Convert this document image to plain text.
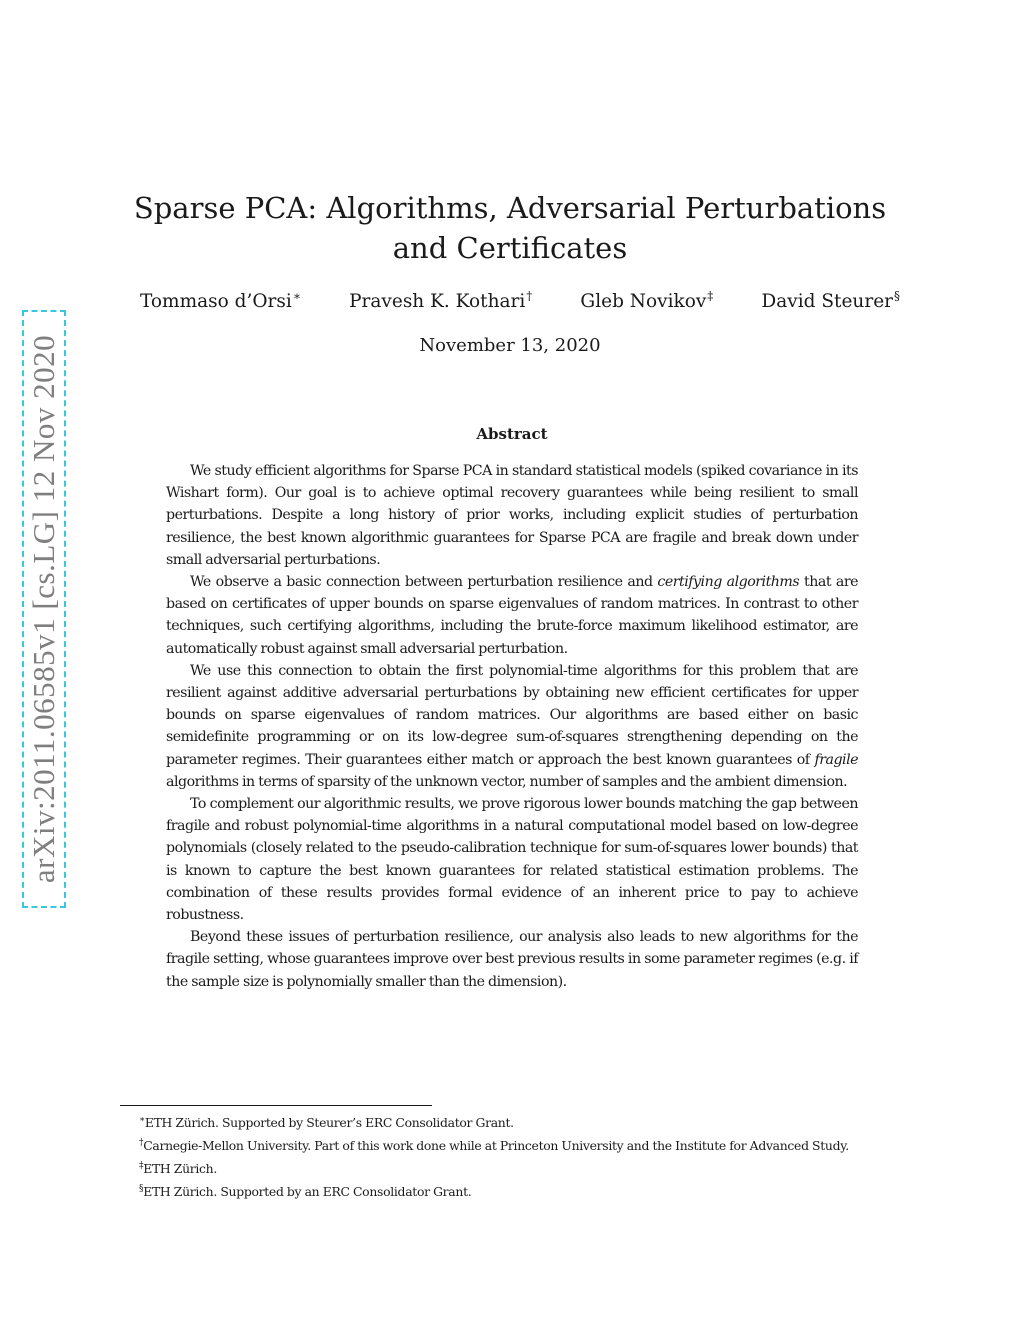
arXiv:2011.06585v1 [cs.LG] 12 Nov 2020
Sparse PCA: Algorithms, Adversarial Perturbations and Certificates
Tommaso d’Orsi∗	Pravesh K. Kothari†	Gleb Novikov‡	David Steurer§
November 13, 2020
Abstract

We study efficient algorithms for Sparse PCA in standard statistical models (spiked covariance in its Wishart form). Our goal is to achieve optimal recovery guarantees while being resilient to small perturbations. Despite a long history of prior works, including explicit studies of perturbation resilience, the best known algorithmic guarantees for Sparse PCA are fragile and break down under small adversarial perturbations.

We observe a basic connection between perturbation resilience and certifying algorithms that are based on certificates of upper bounds on sparse eigenvalues of random matrices. In contrast to other techniques, such certifying algorithms, including the brute-force maximum likelihood estimator, are automatically robust against small adversarial perturbation.

We use this connection to obtain the first polynomial-time algorithms for this problem that are resilient against additive adversarial perturbations by obtaining new efficient certificates for upper bounds on sparse eigenvalues of random matrices. Our algorithms are based either on basic semidefinite programming or on its low-degree sum-of-squares strengthening depending on the parameter regimes. Their guarantees either match or approach the best known guarantees of fragile algorithms in terms of sparsity of the unknown vector, number of samples and the ambient dimension.

To complement our algorithmic results, we prove rigorous lower bounds matching the gap between fragile and robust polynomial-time algorithms in a natural computational model based on low-degree polynomials (closely related to the pseudo-calibration technique for sum-of-squares lower bounds) that is known to capture the best known guarantees for related statistical estimation problems. The combination of these results provides formal evidence of an inherent price to pay to achieve robustness.

Beyond these issues of perturbation resilience, our analysis also leads to new algorithms for the fragile setting, whose guarantees improve over best previous results in some parameter regimes (e.g. if the sample size is polynomially smaller than the dimension).

∗ETH Zürich. Supported by Steurer’s ERC Consolidator Grant.

†Carnegie-Mellon University. Part of this work done while at Princeton University and the Institute for Advanced Study.

‡ETH Zürich.

§ETH Zürich. Supported by an ERC Consolidator Grant.
